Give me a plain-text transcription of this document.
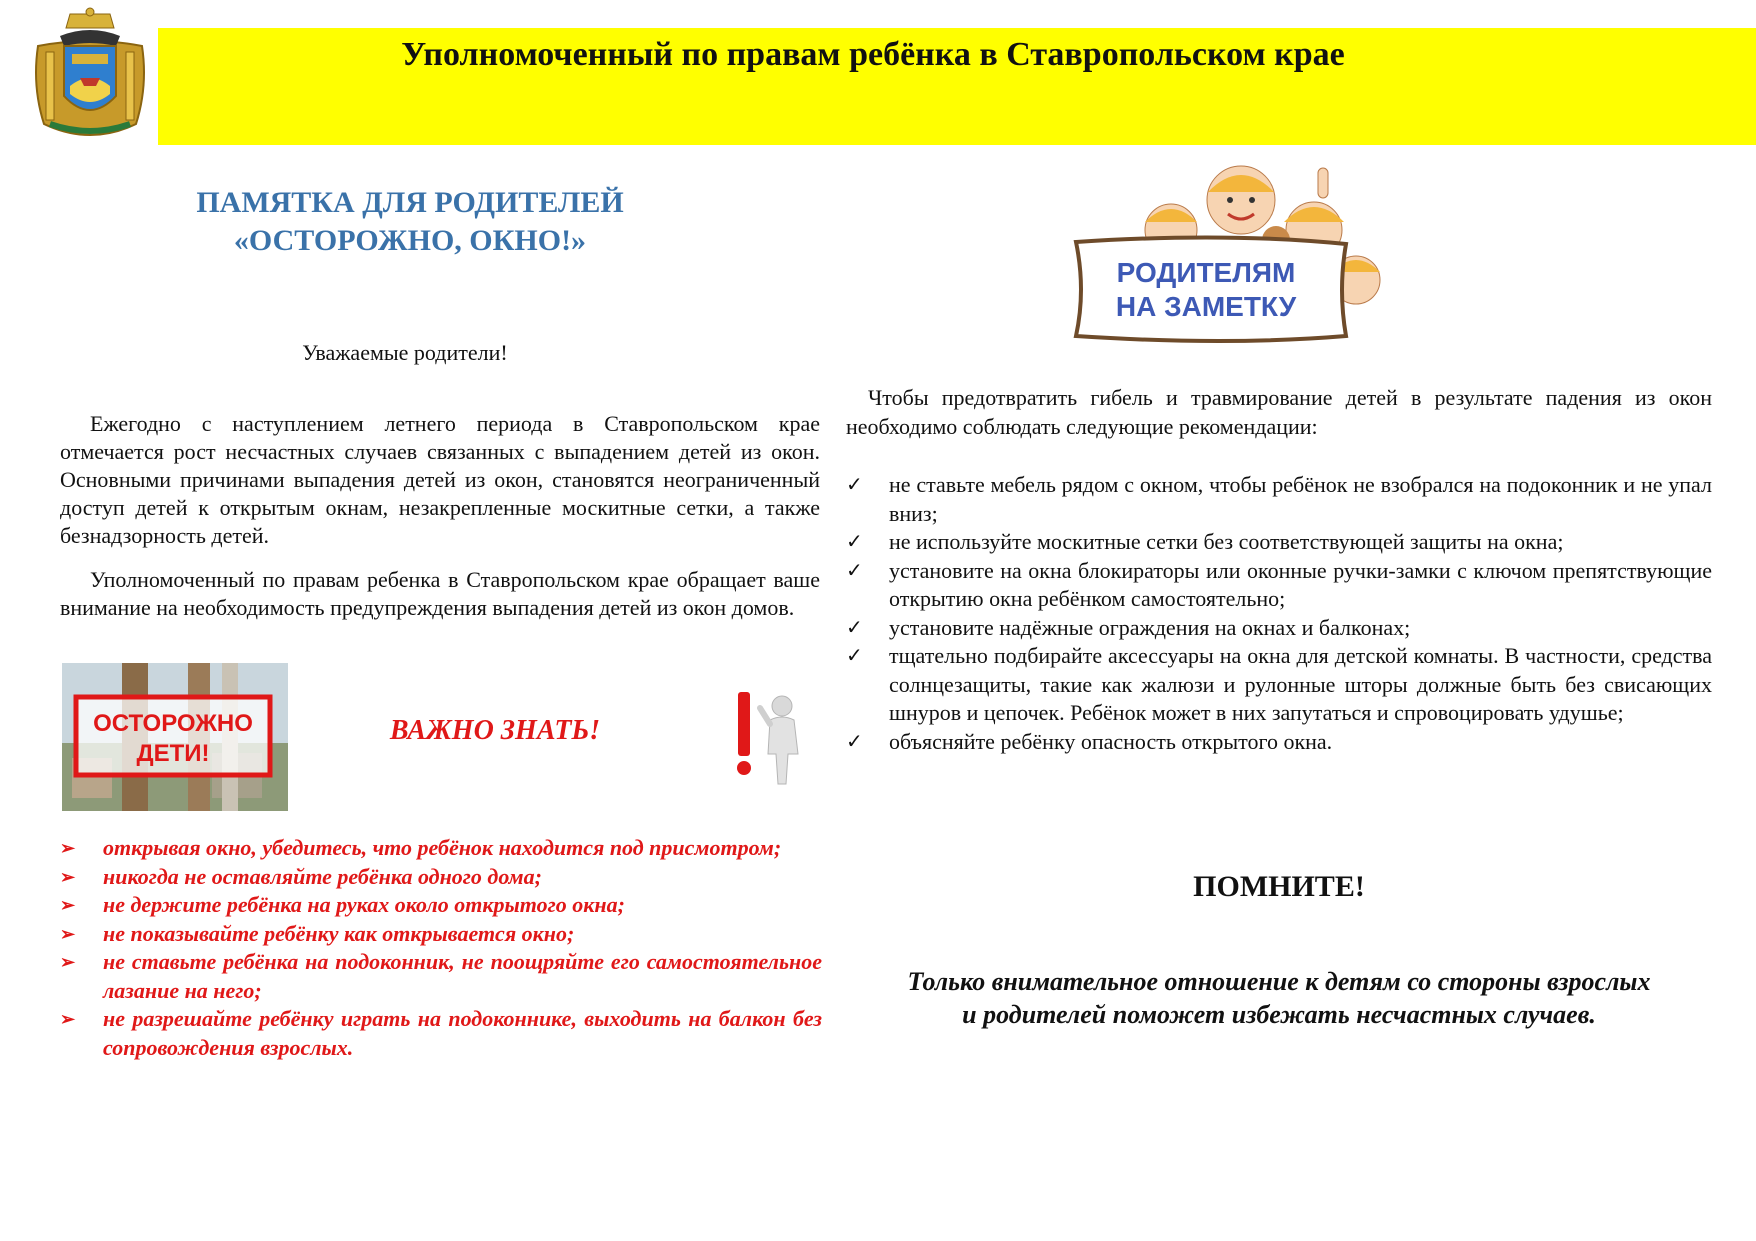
Уполномоченный по правам ребёнка в Ставропольском крае
ПАМЯТКА ДЛЯ РОДИТЕЛЕЙ
«ОСТОРОЖНО, ОКНО!»
Уважаемые родители!
Ежегодно с наступлением летнего периода в Ставропольском крае отмечается рост несчастных случаев связанных с выпадением детей из окон. Основными причинами выпадения детей из окон, становятся неограниченный доступ детей к открытым окнам, незакрепленные москитные сетки, а также безнадзорность детей.
Уполномоченный по правам ребенка в Ставропольском крае обращает ваше внимание на необходимость предупреждения выпадения детей из окон домов.
ОСТОРОЖНО
ДЕТИ!
ВАЖНО ЗНАТЬ!
➢ открывая окно, убедитесь, что ребёнок находится под присмотром;
➢ никогда не оставляйте ребёнка одного дома;
➢ не держите ребёнка на руках около открытого окна;
➢ не показывайте ребёнку как открывается окно;
➢ не ставьте ребёнка на подоконник, не поощряйте его самостоятельное лазание на него;
➢ не разрешайте ребёнку играть на подоконнике, выходить на балкон без сопровождения взрослых.
РОДИТЕЛЯМ
НА ЗАМЕТКУ
Чтобы предотвратить гибель и травмирование детей в результате падения из окон необходимо соблюдать следующие рекомендации:
✓ не ставьте мебель рядом с окном, чтобы ребёнок не взобрался на подоконник и не упал вниз;
✓ не используйте москитные сетки без соответствующей защиты на окна;
✓ установите на окна блокираторы или оконные ручки-замки с ключом препятствующие открытию окна ребёнком самостоятельно;
✓ установите надёжные ограждения на окнах и балконах;
✓ тщательно подбирайте аксессуары на окна для детской комнаты. В частности, средства солнцезащиты, такие как жалюзи и рулонные шторы должные быть без свисающих шнуров и цепочек. Ребёнок может в них запутаться и спровоцировать удушье;
✓ объясняйте ребёнку опасность открытого окна.
ПОМНИТЕ!
Только внимательное отношение к детям со стороны взрослых
и родителей поможет избежать несчастных случаев.
